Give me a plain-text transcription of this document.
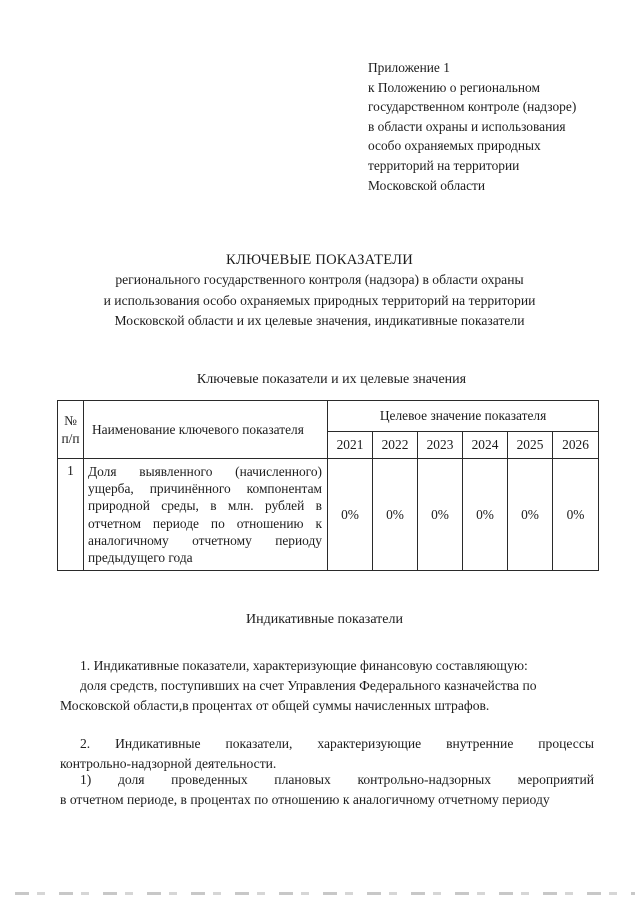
Приложение 1
к Положению о региональном
государственном контроле (надзоре)
в области охраны и использования
особо охраняемых природных
территорий на территории
Московской области
КЛЮЧЕВЫЕ ПОКАЗАТЕЛИ
регионального государственного контроля (надзора) в области охраны
и использования особо охраняемых природных территорий на территории
Московской области и их целевые значения, индикативные показатели
Ключевые показатели и их целевые значения
№ п/п	Наименование ключевого показателя	Целевое значение показателя					
		2021	2022	2023	2024	2025	2026
1	Доля выявленного (начисленного) ущерба, причинённого компонентам природной среды, в млн. рублей в отчетном периоде по отношению к аналогичному отчетному периоду предыдущего года	0%	0%	0%	0%	0%	0%
Индикативные показатели
1. Индикативные показатели, характеризующие финансовую составляющую:
доля средств, поступивших на счет Управления Федерального казначейства по
Московской области,в процентах от общей суммы начисленных штрафов.
2. Индикативные показатели, характеризующие внутренние процессы
контрольно-надзорной деятельности.
1) доля проведенных плановых контрольно-надзорных мероприятий
в отчетном периоде, в процентах по отношению к аналогичному отчетному периоду
